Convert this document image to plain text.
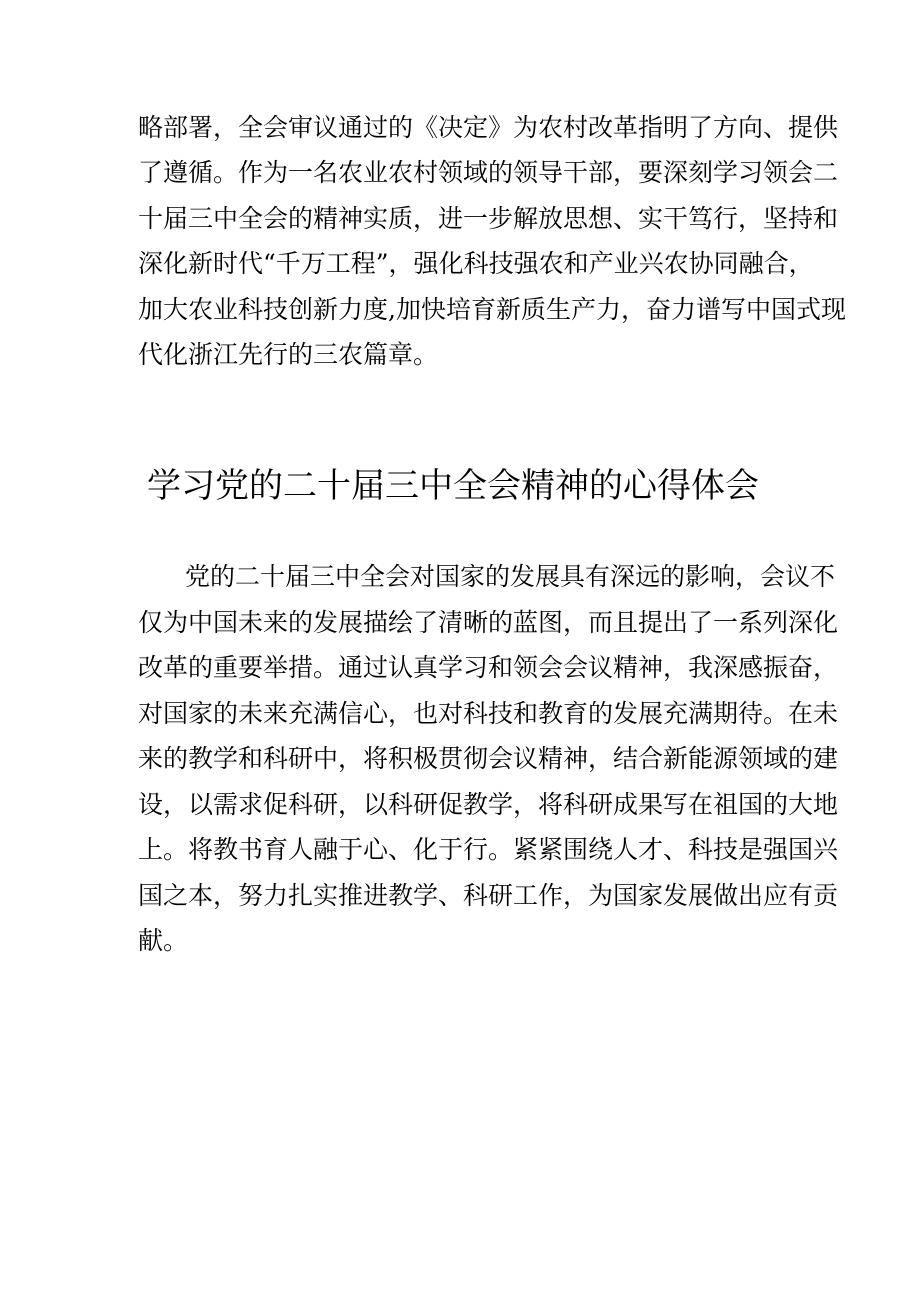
略部署，全会审议通过的《决定》为农村改革指明了方向、提供
了遵循。作为一名农业农村领域的领导干部，要深刻学习领会二
十届三中全会的精神实质，进一步解放思想、实干笃行，坚持和
深化新时代“千万工程”，强化科技强农和产业兴农协同融合，
加大农业科技创新力度,加快培育新质生产力，奋力谱写中国式现
代化浙江先行的三农篇章。
学习党的二十届三中全会精神的心得体会
党的二十届三中全会对国家的发展具有深远的影响，会议不
仅为中国未来的发展描绘了清晰的蓝图，而且提出了一系列深化
改革的重要举措。通过认真学习和领会会议精神，我深感振奋，
对国家的未来充满信心，也对科技和教育的发展充满期待。在未
来的教学和科研中，将积极贯彻会议精神，结合新能源领域的建
设，以需求促科研，以科研促教学，将科研成果写在祖国的大地
上。将教书育人融于心、化于行。紧紧围绕人才、科技是强国兴
国之本，努力扎实推进教学、科研工作，为国家发展做出应有贡
献。
